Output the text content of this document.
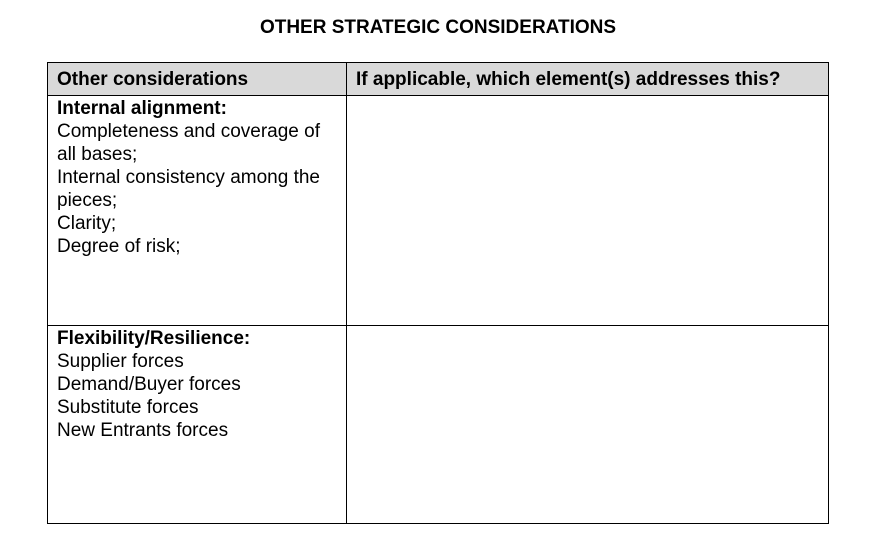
OTHER STRATEGIC CONSIDERATIONS
Other considerations	If applicable, which element(s) addresses this?

Internal alignment:
Completeness and coverage of all bases;
Internal consistency among the pieces;
Clarity;
Degree of risk;	

Flexibility/Resilience:
Supplier forces
Demand/Buyer forces
Substitute forces
New Entrants forces	
